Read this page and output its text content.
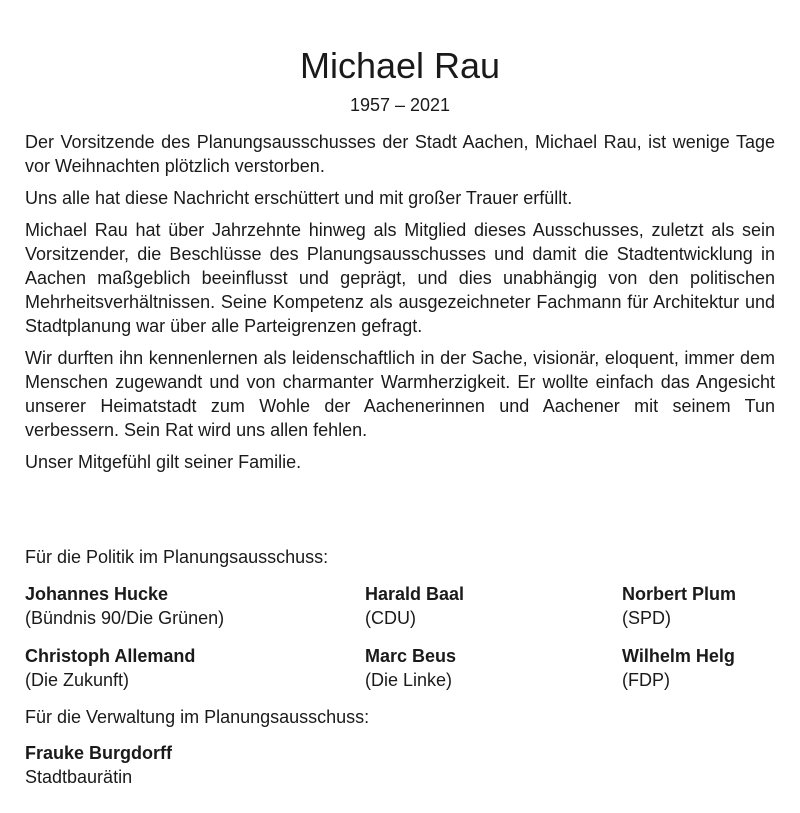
Michael Rau
1957 – 2021

Der Vorsitzende des Planungsausschusses der Stadt Aachen, Michael Rau, ist wenige Tage vor Weihnachten plötzlich verstorben.

Uns alle hat diese Nachricht erschüttert und mit großer Trauer erfüllt.

Michael Rau hat über Jahrzehnte hinweg als Mitglied dieses Ausschusses, zuletzt als sein Vorsitzender, die Beschlüsse des Planungsausschusses und damit die Stadtentwicklung in Aachen maßgeblich beeinflusst und geprägt, und dies unabhängig von den politischen Mehrheitsverhältnissen. Seine Kompetenz als ausgezeichneter Fachmann für Architektur und Stadtplanung war über alle Parteigrenzen gefragt.

Wir durften ihn kennenlernen als leidenschaftlich in der Sache, visionär, eloquent, immer dem Menschen zugewandt und von charmanter Warmherzigkeit. Er wollte einfach das Angesicht unserer Heimatstadt zum Wohle der Aachenerinnen und Aachener mit seinem Tun verbessern. Sein Rat wird uns allen fehlen.

Unser Mitgefühl gilt seiner Familie.

Für die Politik im Planungsausschuss:
Johannes Hucke
(Bündnis 90/Die Grünen)
Harald Baal
(CDU)
Norbert Plum
(SPD)
Christoph Allemand
(Die Zukunft)
Marc Beus
(Die Linke)
Wilhelm Helg
(FDP)
Für die Verwaltung im Planungsausschuss:
Frauke Burgdorff
Stadtbaurätin
